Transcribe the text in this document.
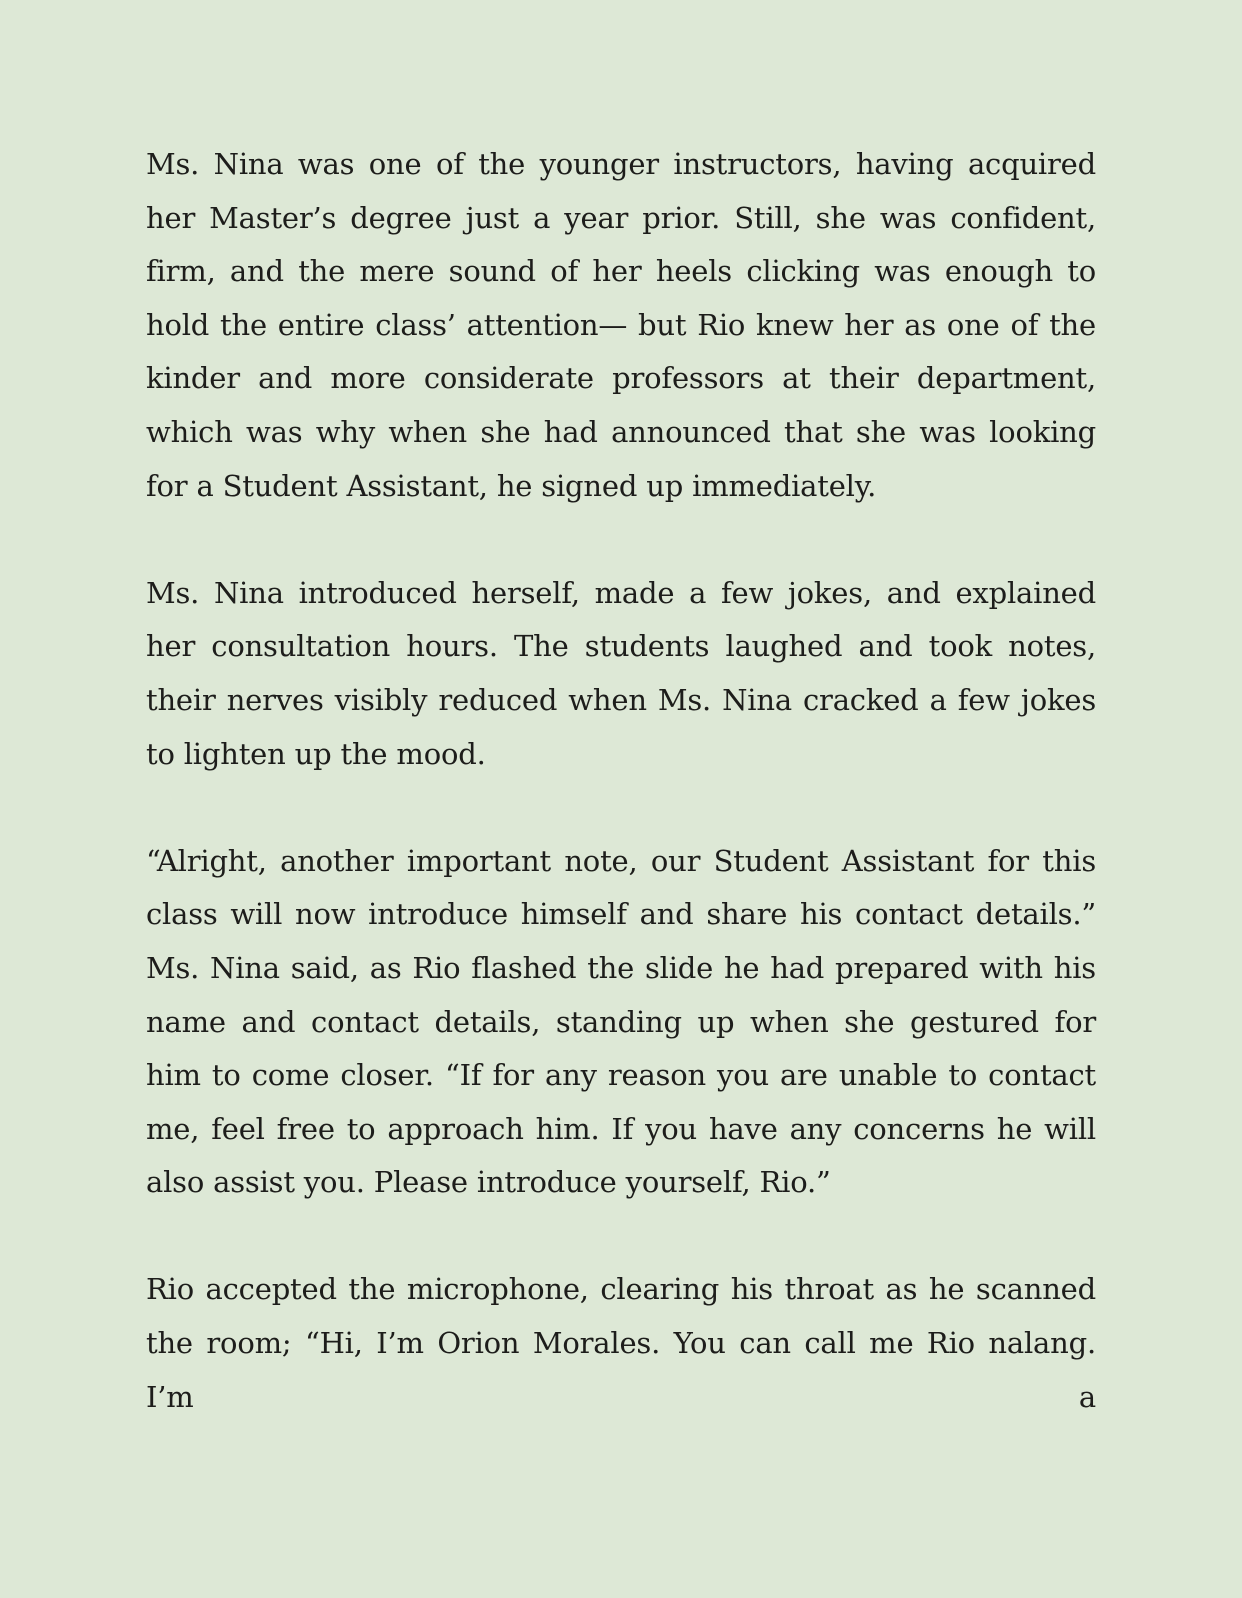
Ms. Nina was one of the younger instructors, having acquired her Master’s degree just a year prior. Still, she was confident, firm, and the mere sound of her heels clicking was enough to hold the entire class’ attention— but Rio knew her as one of the kinder and more considerate professors at their department, which was why when she had announced that she was looking for a Student Assistant, he signed up immediately.

Ms. Nina introduced herself, made a few jokes, and explained her consultation hours. The students laughed and took notes, their nerves visibly reduced when Ms. Nina cracked a few jokes to lighten up the mood.

“Alright, another important note, our Student Assistant for this class will now introduce himself and share his contact details.” Ms. Nina said, as Rio flashed the slide he had prepared with his name and contact details, standing up when she gestured for him to come closer. “If for any reason you are unable to contact me, feel free to approach him. If you have any concerns he will also assist you. Please introduce yourself, Rio.”

Rio accepted the microphone, clearing his throat as he scanned the room; “Hi, I’m Orion Morales. You can call me Rio nalang. I’m a
